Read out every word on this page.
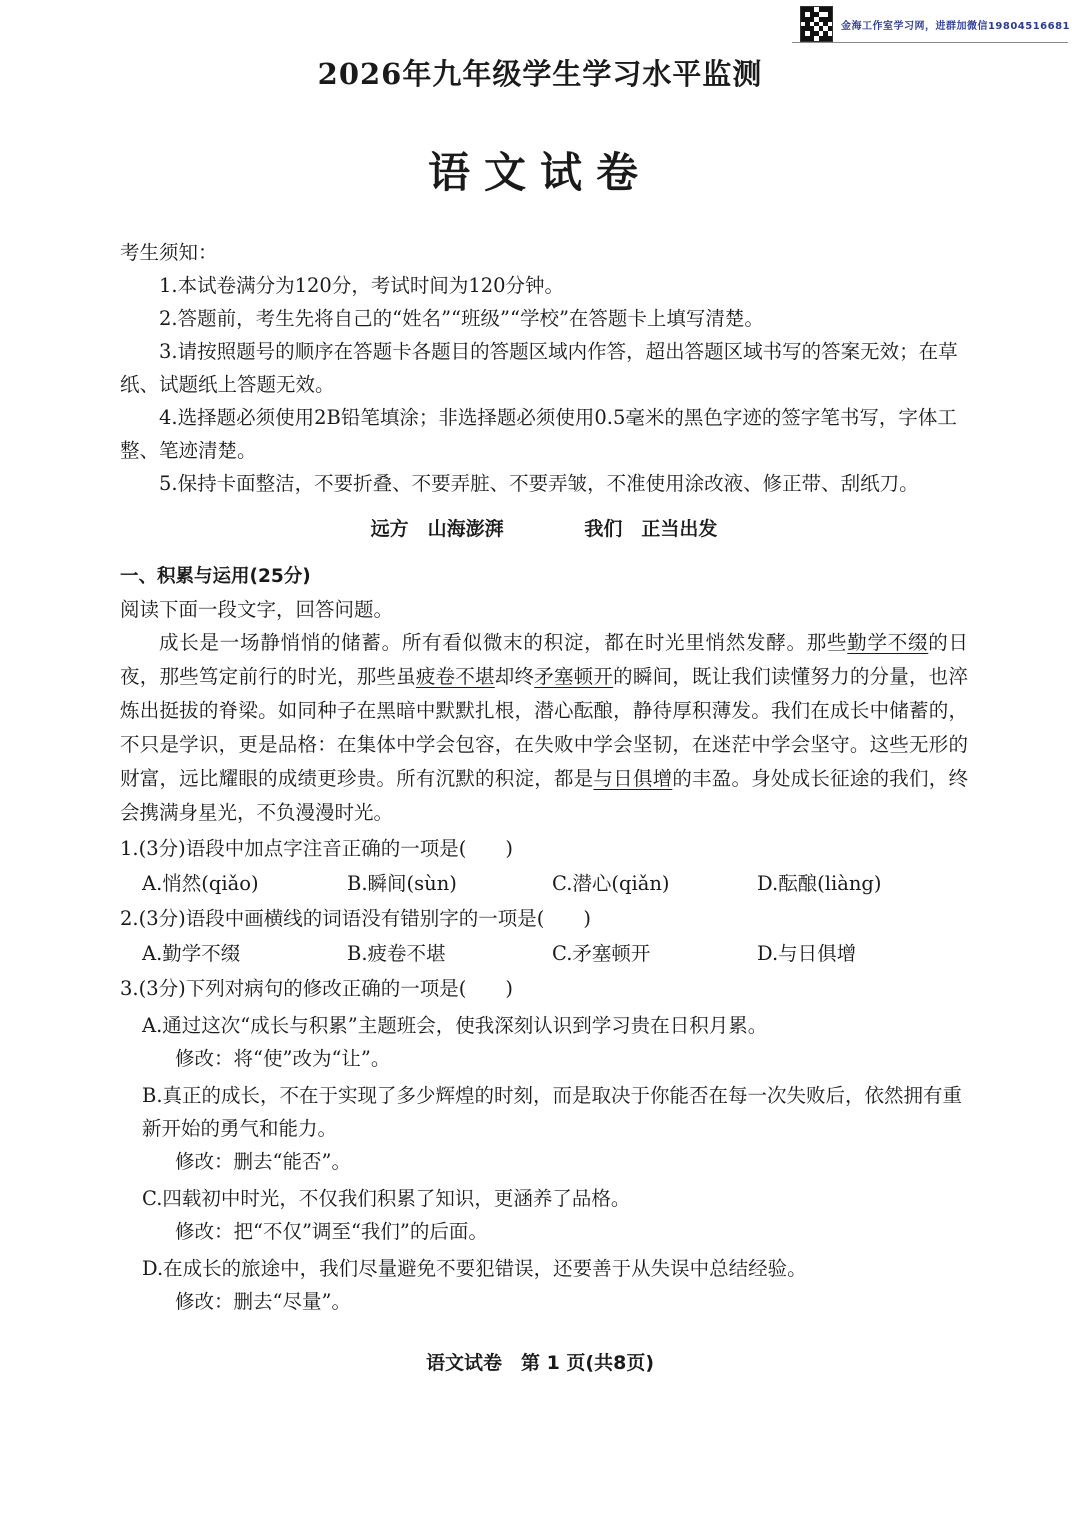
金海工作室学习网，进群加微信19804516681
2026年九年级学生学习水平监测
语文试卷

考生须知：

1.本试卷满分为120分，考试时间为120分钟。

2.答题前，考生先将自己的“姓名”“班级”“学校”在答题卡上填写清楚。

3.请按照题号的顺序在答题卡各题目的答题区域内作答，超出答题区域书写的答案无效；在草纸、试题纸上答题无效。

4.选择题必须使用2B铅笔填涂；非选择题必须使用0.5毫米的黑色字迹的签字笔书写，字体工整、笔迹清楚。

5.保持卡面整洁，不要折叠、不要弄脏、不要弄皱，不准使用涂改液、修正带、刮纸刀。

远方　山海澎湃	我们　正当出发

一、积累与运用(25分)

阅读下面一段文字，回答问题。

成长是一场静悄悄的储蓄。所有看似微末的积淀，都在时光里悄然发酵。那些勤学不缀的日夜，那些笃定前行的时光，那些虽疲卷不堪却终矛塞顿开的瞬间，既让我们读懂努力的分量，也淬炼出挺拔的脊梁。如同种子在黑暗中默默扎根，潜心酝酿，静待厚积薄发。我们在成长中储蓄的，不只是学识，更是品格：在集体中学会包容，在失败中学会坚韧，在迷茫中学会坚守。这些无形的财富，远比耀眼的成绩更珍贵。所有沉默的积淀，都是与日俱增的丰盈。身处成长征途的我们，终会携满身星光，不负漫漫时光。

1.(3分)语段中加点字注音正确的一项是(　　)

A.悄然(qiǎo)	B.瞬间(sùn)	C.潜心(qiǎn)	D.酝酿(liàng)

2.(3分)语段中画横线的词语没有错别字的一项是(　　)

A.勤学不缀	B.疲卷不堪	C.矛塞顿开	D.与日俱增

3.(3分)下列对病句的修改正确的一项是(　　)

A.通过这次“成长与积累”主题班会，使我深刻认识到学习贵在日积月累。

修改：将“使”改为“让”。

B.真正的成长，不在于实现了多少辉煌的时刻，而是取决于你能否在每一次失败后，依然拥有重新开始的勇气和能力。

修改：删去“能否”。

C.四载初中时光，不仅我们积累了知识，更涵养了品格。

修改：把“不仅”调至“我们”的后面。

D.在成长的旅途中，我们尽量避免不要犯错误，还要善于从失误中总结经验。

修改：删去“尽量”。

语文试卷　第 1 页(共8页)
